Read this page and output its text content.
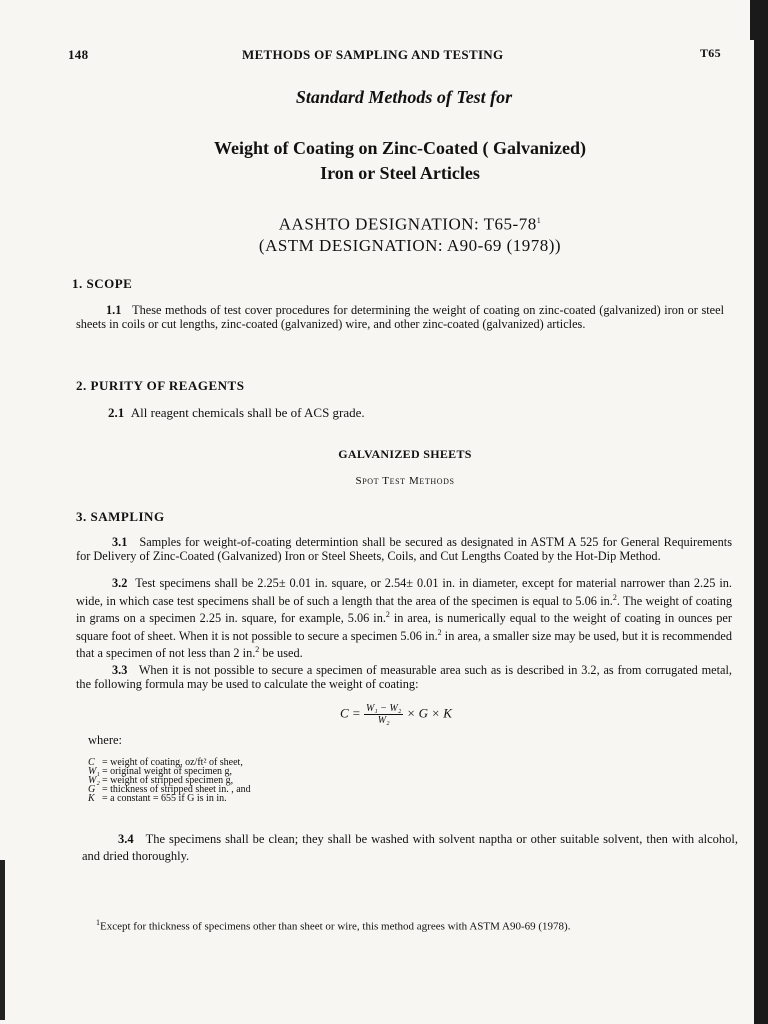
148	METHODS OF SAMPLING AND TESTING	T65
Standard Methods of Test for
Weight of Coating on Zinc-Coated ( Galvanized)
Iron or Steel Articles
AASHTO DESIGNATION: $T65-78^1$
(ASTM DESIGNATION: A90-69 (1978))
1. SCOPE
1.1 These methods of test cover procedures for determining the weight of coating on zinc-coated (galvanized) iron or steel sheets in coils or cut lengths, zinc-coated (galvanized) wire, and other zinc-coated (galvanized) articles.
2. PURITY OF REAGENTS
2.1 All reagent chemicals shall be of ACS grade.
GALVANIZED SHEETS
Spot Test Methods
3. SAMPLING
3.1 Samples for weight-of-coating determintion shall be secured as designated in ASTM A 525 for General Requirements for Delivery of Zinc-Coated (Galvanized) Iron or Steel Sheets, Coils, and Cut Lengths Coated by the Hot-Dip Method.
3.2 Test specimens shall be 2.25± 0.01 in. square, or 2.54± 0.01 in. in diameter, except for material narrower than 2.25 in. wide, in which case test specimens shall be of such a length that the area of the specimen is equal to 5.06 in.$^2$. The weight of coating in grams on a specimen 2.25 in. square, for example, 5.06 in.$^2$ in area, is numerically equal to the weight of coating in ounces per square foot of sheet. When it is not possible to secure a specimen 5.06 in.$^2$ in area, a smaller size may be used, but it is recommended that a specimen of not less than 2 in.$^2$ be used.
3.3 When it is not possible to secure a specimen of measurable area such as is described in 3.2, as from corrugated metal, the following formula may be used to calculate the weight of coating:
$C = \frac{\text{W₁ − W₂}}{\text{W₂}} \times G \times K$
where:
C = weight of coating, oz/ft² of sheet,
W₁ = original weight of specimen g,
W₂ = weight of stripped specimen g,
G = thickness of stripped sheet in. , and
K = a constant = 655 if G is in in.
3.4 The specimens shall be clean; they shall be washed with solvent naptha or other suitable solvent, then with alcohol, and dried thoroughly.
$^1$Except for thickness of specimens other than sheet or wire, this method agrees with ASTM A90-69 (1978).
